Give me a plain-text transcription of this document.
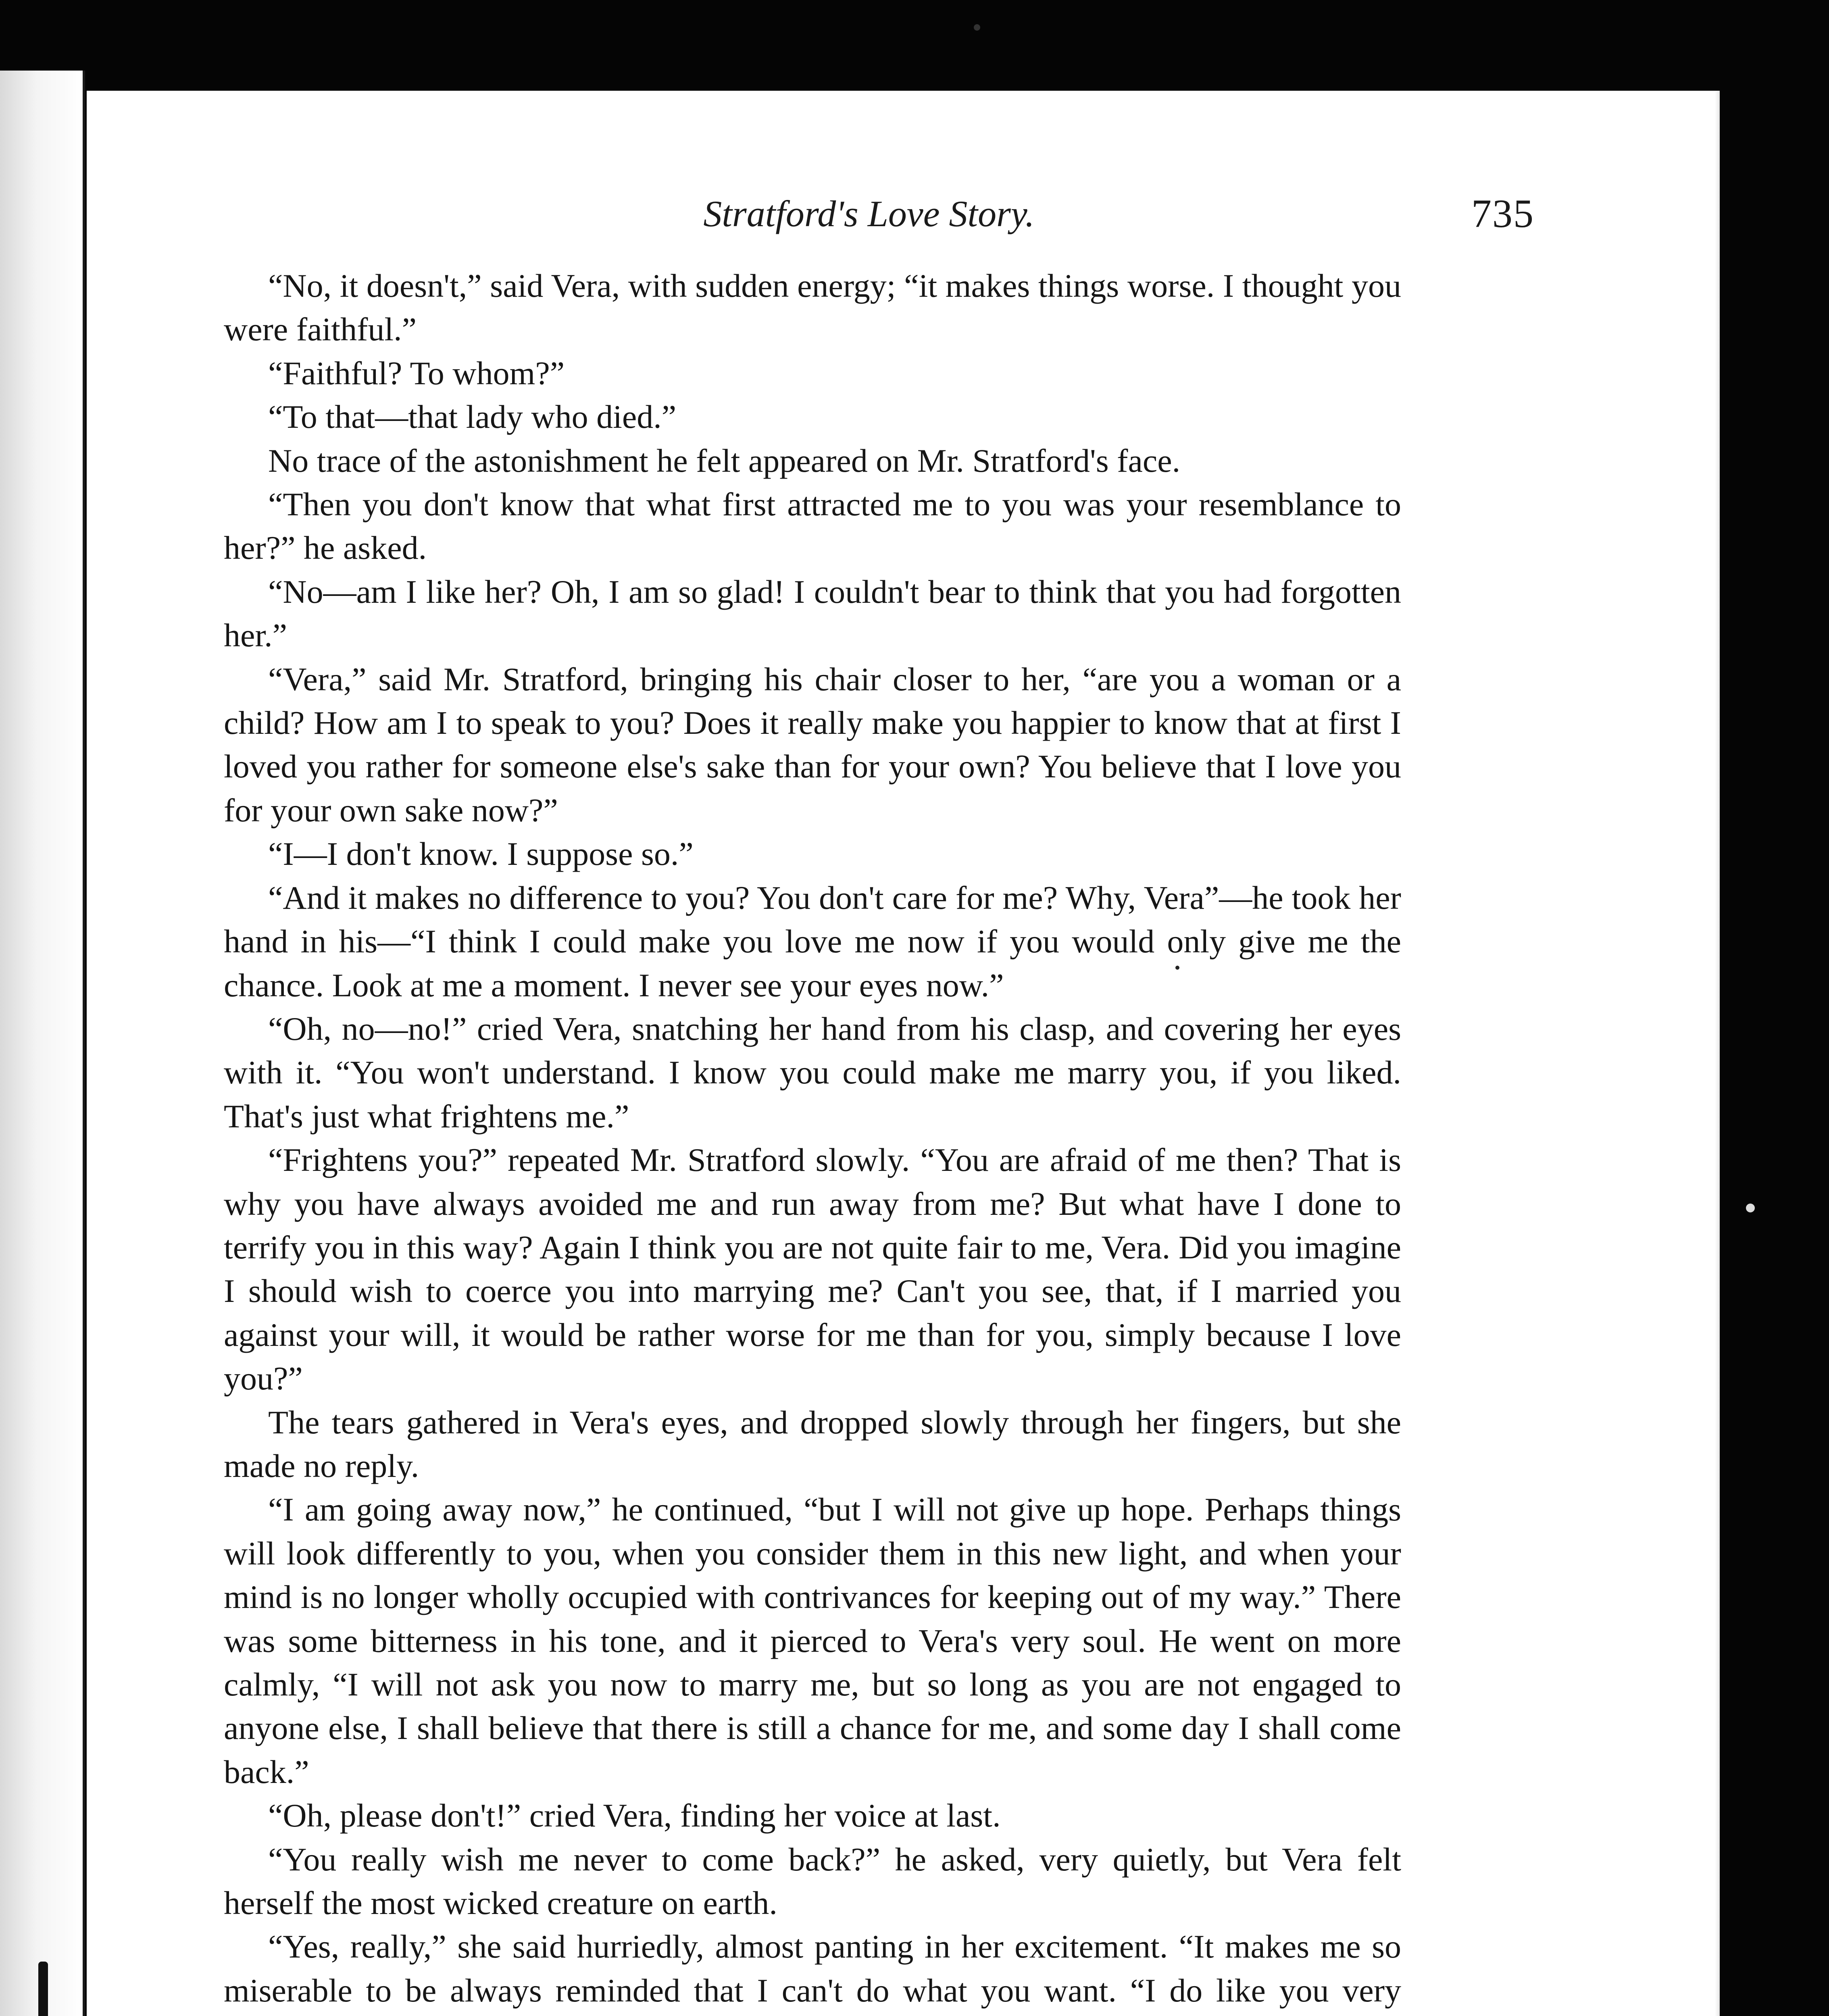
Stratford's Love Story.	735

“No, it doesn't,” said Vera, with sudden energy; “it makes things worse. I thought you were faithful.”

“Faithful? To whom?”

“To that—that lady who died.”

No trace of the astonishment he felt appeared on Mr. Stratford's face.

“Then you don't know that what first attracted me to you was your resemblance to her?” he asked.

“No—am I like her? Oh, I am so glad! I couldn't bear to think that you had forgotten her.”

“Vera,” said Mr. Stratford, bringing his chair closer to her, “are you a woman or a child? How am I to speak to you? Does it really make you happier to know that at first I loved you rather for someone else's sake than for your own? You believe that I love you for your own sake now?”

“I—I don't know. I suppose so.”

“And it makes no difference to you? You don't care for me? Why, Vera”—he took her hand in his—“I think I could make you love me now if you would only give me the chance. Look at me a moment. I never see your eyes now.”

“Oh, no—no!” cried Vera, snatching her hand from his clasp, and covering her eyes with it. “You won't understand. I know you could make me marry you, if you liked. That's just what frightens me.”

“Frightens you?” repeated Mr. Stratford slowly. “You are afraid of me then? That is why you have always avoided me and run away from me? But what have I done to terrify you in this way? Again I think you are not quite fair to me, Vera. Did you imagine I should wish to coerce you into marrying me? Can't you see, that, if I married you against your will, it would be rather worse for me than for you, simply because I love you?”

The tears gathered in Vera's eyes, and dropped slowly through her fingers, but she made no reply.

“I am going away now,” he continued, “but I will not give up hope. Perhaps things will look differently to you, when you consider them in this new light, and when your mind is no longer wholly occupied with contrivances for keeping out of my way.” There was some bitterness in his tone, and it pierced to Vera's very soul. He went on more calmly, “I will not ask you now to marry me, but so long as you are not engaged to anyone else, I shall believe that there is still a chance for me, and some day I shall come back.”

“Oh, please don't!” cried Vera, finding her voice at last.

“You really wish me never to come back?” he asked, very quietly, but Vera felt herself the most wicked creature on earth.

“Yes, really,” she said hurriedly, almost panting in her excitement. “It makes me so miserable to be always reminded that I can't do what you want. “I do like you very
